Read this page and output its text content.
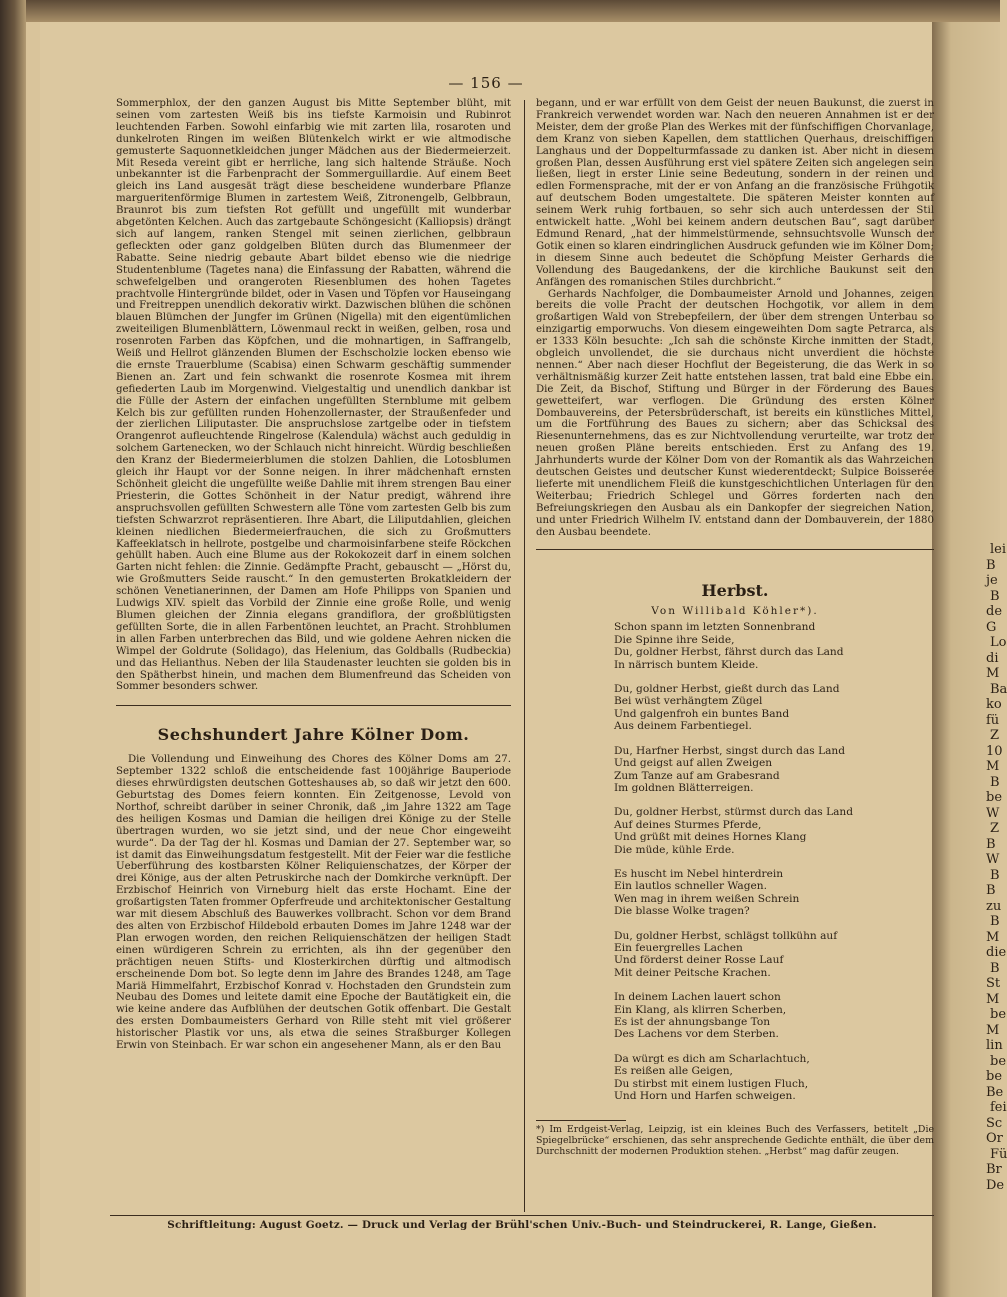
lei
B
je
B
de
G
Lo
di
M
Ba
ko
fü
Z
10
M
B
be
W
Z
B
W
B
B
zu
B
M
die
B
St
M
be
M
lin
be
be
Be
fei
Sc
Or
Fü
Br
De
— 156 —

Sommerphlox, der den ganzen August bis Mitte September blüht, mit seinen vom zartesten Weiß bis ins tiefste Karmoisin und Rubinrot leuchtenden Farben. Sowohl einfarbig wie mit zarten lila, rosaroten und dunkelroten Ringen im weißen Blütenkelch wirkt er wie altmodische gemusterte Saquonnetkleidchen junger Mädchen aus der Biedermeierzeit. Mit Reseda vereint gibt er herrliche, lang sich haltende Sträuße. Noch unbekannter ist die Farbenpracht der Sommerguillardie. Auf einem Beet gleich ins Land ausgesät trägt diese bescheidene wunderbare Pflanze margueritenförmige Blumen in zartestem Weiß, Zitronengelb, Gelbbraun, Braunrot bis zum tiefsten Rot gefüllt und ungefüllt mit wunderbar abgetönten Kelchen. Auch das zartgebaute Schöngesicht (Kalliopsis) drängt sich auf langem, ranken Stengel mit seinen zierlichen, gelbbraun gefleckten oder ganz goldgelben Blüten durch das Blumenmeer der Rabatte. Seine niedrig gebaute Abart bildet ebenso wie die niedrige Studentenblume (Tagetes nana) die Einfassung der Rabatten, während die schwefelgelben und orangeroten Riesenblumen des hohen Tagetes prachtvolle Hintergründe bildet, oder in Vasen und Töpfen vor Hauseingang und Freitreppen unendlich dekorativ wirkt. Dazwischen blühen die schönen blauen Blümchen der Jungfer im Grünen (Nigella) mit den eigentümlichen zweiteiligen Blumenblättern, Löwenmaul reckt in weißen, gelben, rosa und rosenroten Farben das Köpfchen, und die mohnartigen, in Saffrangelb, Weiß und Hellrot glänzenden Blumen der Eschscholzie locken ebenso wie die ernste Trauerblume (Scabisa) einen Schwarm geschäftig summender Bienen an. Zart und fein schwankt die rosenrote Kosmea mit ihrem gefiederten Laub im Morgenwind. Vielgestaltig und unendlich dankbar ist die Fülle der Astern der einfachen ungefüllten Sternblume mit gelbem Kelch bis zur gefüllten runden Hohenzollernaster, der Straußenfeder und der zierlichen Liliputaster. Die anspruchslose zartgelbe oder in tiefstem Orangenrot aufleuchtende Ringelrose (Kalendula) wächst auch geduldig in solchem Gartenecken, wo der Schlauch nicht hinreicht. Würdig beschließen den Kranz der Biedermeierblumen die stolzen Dahlien, die Lotosblumen gleich ihr Haupt vor der Sonne neigen. In ihrer mädchenhaft ernsten Schönheit gleicht die ungefüllte weiße Dahlie mit ihrem strengen Bau einer Priesterin, die Gottes Schönheit in der Natur predigt, während ihre anspruchsvollen gefüllten Schwestern alle Töne vom zartesten Gelb bis zum tiefsten Schwarzrot repräsentieren. Ihre Abart, die Liliputdahlien, gleichen kleinen niedlichen Biedermeierfrauchen, die sich zu Großmutters Kaffeeklatsch in hellrote, postgelbe und charmoisinfarbene steife Röckchen gehüllt haben. Auch eine Blume aus der Rokokozeit darf in einem solchen Garten nicht fehlen: die Zinnie. Gedämpfte Pracht, gebauscht — „Hörst du, wie Großmutters Seide rauscht.“ In den gemusterten Brokatkleidern der schönen Venetianerinnen, der Damen am Hofe Philipps von Spanien und Ludwigs XIV. spielt das Vorbild der Zinnie eine große Rolle, und wenig Blumen gleichen der Zinnia elegans grandiflora, der großblütigsten gefüllten Sorte, die in allen Farbentönen leuchtet, an Pracht. Strohblumen in allen Farben unterbrechen das Bild, und wie goldene Aehren nicken die Wimpel der Goldrute (Solidago), das Helenium, das Goldballs (Rudbeckia) und das Helianthus. Neben der lila Staudenaster leuchten sie golden bis in den Spätherbst hinein, und machen dem Blumenfreund das Scheiden von Sommer besonders schwer.

Sechshundert Jahre Kölner Dom.

Die Vollendung und Einweihung des Chores des Kölner Doms am 27. September 1322 schloß die entscheidende fast 100jährige Bauperiode dieses ehrwürdigsten deutschen Gotteshauses ab, so daß wir jetzt den 600. Geburtstag des Domes feiern konnten. Ein Zeitgenosse, Levold von Northof, schreibt darüber in seiner Chronik, daß „im Jahre 1322 am Tage des heiligen Kosmas und Damian die heiligen drei Könige zu der Stelle übertragen wurden, wo sie jetzt sind, und der neue Chor eingeweiht wurde“. Da der Tag der hl. Kosmas und Damian der 27. September war, so ist damit das Einweihungsdatum festgestellt. Mit der Feier war die festliche Ueberführung des kostbarsten Kölner Reliquienschatzes, der Körper der drei Könige, aus der alten Petruskirche nach der Domkirche verknüpft. Der Erzbischof Heinrich von Virneburg hielt das erste Hochamt. Eine der großartigsten Taten frommer Opferfreude und architektonischer Gestaltung war mit diesem Abschluß des Bauwerkes vollbracht. Schon vor dem Brand des alten von Erzbischof Hildebold erbauten Domes im Jahre 1248 war der Plan erwogen worden, den reichen Reliquienschätzen der heiligen Stadt einen würdigeren Schrein zu errichten, als ihn der gegenüber den prächtigen neuen Stifts- und Klosterkirchen dürftig und altmodisch erscheinende Dom bot. So legte denn im Jahre des Brandes 1248, am Tage Mariä Himmelfahrt, Erzbischof Konrad v. Hochstaden den Grundstein zum Neubau des Domes und leitete damit eine Epoche der Bautätigkeit ein, die wie keine andere das Aufblühen der deutschen Gotik offenbart. Die Gestalt des ersten Dombaumeisters Gerhard von Rille steht mit viel größerer historischer Plastik vor uns, als etwa die seines Straßburger Kollegen Erwin von Steinbach. Er war schon ein angesehener Mann, als er den Bau

begann, und er war erfüllt von dem Geist der neuen Baukunst, die zuerst in Frankreich verwendet worden war. Nach den neueren Annahmen ist er der Meister, dem der große Plan des Werkes mit der fünfschiffigen Chorvanlage, dem Kranz von sieben Kapellen, dem stattlichen Querhaus, dreischiffigen Langhaus und der Doppelturmfassade zu danken ist. Aber nicht in diesem großen Plan, dessen Ausführung erst viel spätere Zeiten sich angelegen sein ließen, liegt in erster Linie seine Bedeutung, sondern in der reinen und edlen Formensprache, mit der er von Anfang an die französische Frühgotik auf deutschem Boden umgestaltete. Die späteren Meister konnten auf seinem Werk ruhig fortbauen, so sehr sich auch unterdessen der Stil entwickelt hatte. „Wohl bei keinem andern deutschen Bau“, sagt darüber Edmund Renard, „hat der himmelstürmende, sehnsuchtsvolle Wunsch der Gotik einen so klaren eindringlichen Ausdruck gefunden wie im Kölner Dom; in diesem Sinne auch bedeutet die Schöpfung Meister Gerhards die Vollendung des Baugedankens, der die kirchliche Baukunst seit den Anfängen des romanischen Stiles durchbricht.“

Gerhards Nachfolger, die Dombaumeister Arnold und Johannes, zeigen bereits die volle Pracht der deutschen Hochgotik, vor allem in dem großartigen Wald von Strebepfeilern, der über dem strengen Unterbau so einzigartig emporwuchs. Von diesem eingeweihten Dom sagte Petrarca, als er 1333 Köln besuchte: „Ich sah die schönste Kirche inmitten der Stadt, obgleich unvollendet, die sie durchaus nicht unverdient die höchste nennen.“ Aber nach dieser Hochflut der Begeisterung, die das Werk in so verhältnismäßig kurzer Zeit hatte entstehen lassen, trat bald eine Ebbe ein. Die Zeit, da Bischof, Stiftung und Bürger in der Förderung des Baues gewetteifert, war verflogen. Die Gründung des ersten Kölner Dombauvereins, der Petersbrüderschaft, ist bereits ein künstliches Mittel, um die Fortführung des Baues zu sichern; aber das Schicksal des Riesenunternehmens, das es zur Nichtvollendung verurteilte, war trotz der neuen großen Pläne bereits entschieden. Erst zu Anfang des 19. Jahrhunderts wurde der Kölner Dom von der Romantik als das Wahrzeichen deutschen Geistes und deutscher Kunst wiederentdeckt; Sulpice Boisserée lieferte mit unendlichem Fleiß die kunstgeschichtlichen Unterlagen für den Weiterbau; Friedrich Schlegel und Görres forderten nach den Befreiungskriegen den Ausbau als ein Dankopfer der siegreichen Nation, und unter Friedrich Wilhelm IV. entstand dann der Dombauverein, der 1880 den Ausbau beendete.

Herbst.
Von Willibald Köhler*).
Schon spann im letzten Sonnenbrand
Die Spinne ihre Seide,
Du, goldner Herbst, fährst durch das Land
In närrisch buntem Kleide.
Du, goldner Herbst, gießt durch das Land
Bei wüst verhängtem Zügel
Und galgenfroh ein buntes Band
Aus deinem Farbentiegel.
Du, Harfner Herbst, singst durch das Land
Und geigst auf allen Zweigen
Zum Tanze auf am Grabesrand
Im goldnen Blätterreigen.
Du, goldner Herbst, stürmst durch das Land
Auf deines Sturmes Pferde,
Und grüßt mit deines Hornes Klang
Die müde, kühle Erde.
Es huscht im Nebel hinterdrein
Ein lautlos schneller Wagen.
Wen mag in ihrem weißen Schrein
Die blasse Wolke tragen?
Du, goldner Herbst, schlägst tollkühn auf
Ein feuergrelles Lachen
Und förderst deiner Rosse Lauf
Mit deiner Peitsche Krachen.
In deinem Lachen lauert schon
Ein Klang, als klirren Scherben,
Es ist der ahnungsbange Ton
Des Lachens vor dem Sterben.
Da würgt es dich am Scharlachtuch,
Es reißen alle Geigen,
Du stirbst mit einem lustigen Fluch,
Und Horn und Harfen schweigen.
*) Im Erdgeist-Verlag, Leipzig, ist ein kleines Buch des Verfassers, betitelt „Die Spiegelbrücke“ erschienen, das sehr ansprechende Gedichte enthält, die über dem Durchschnitt der modernen Produktion stehen. „Herbst“ mag dafür zeugen.
Schriftleitung: August Goetz. — Druck und Verlag der Brühl'schen Univ.-Buch- und Steindruckerei, R. Lange, Gießen.
